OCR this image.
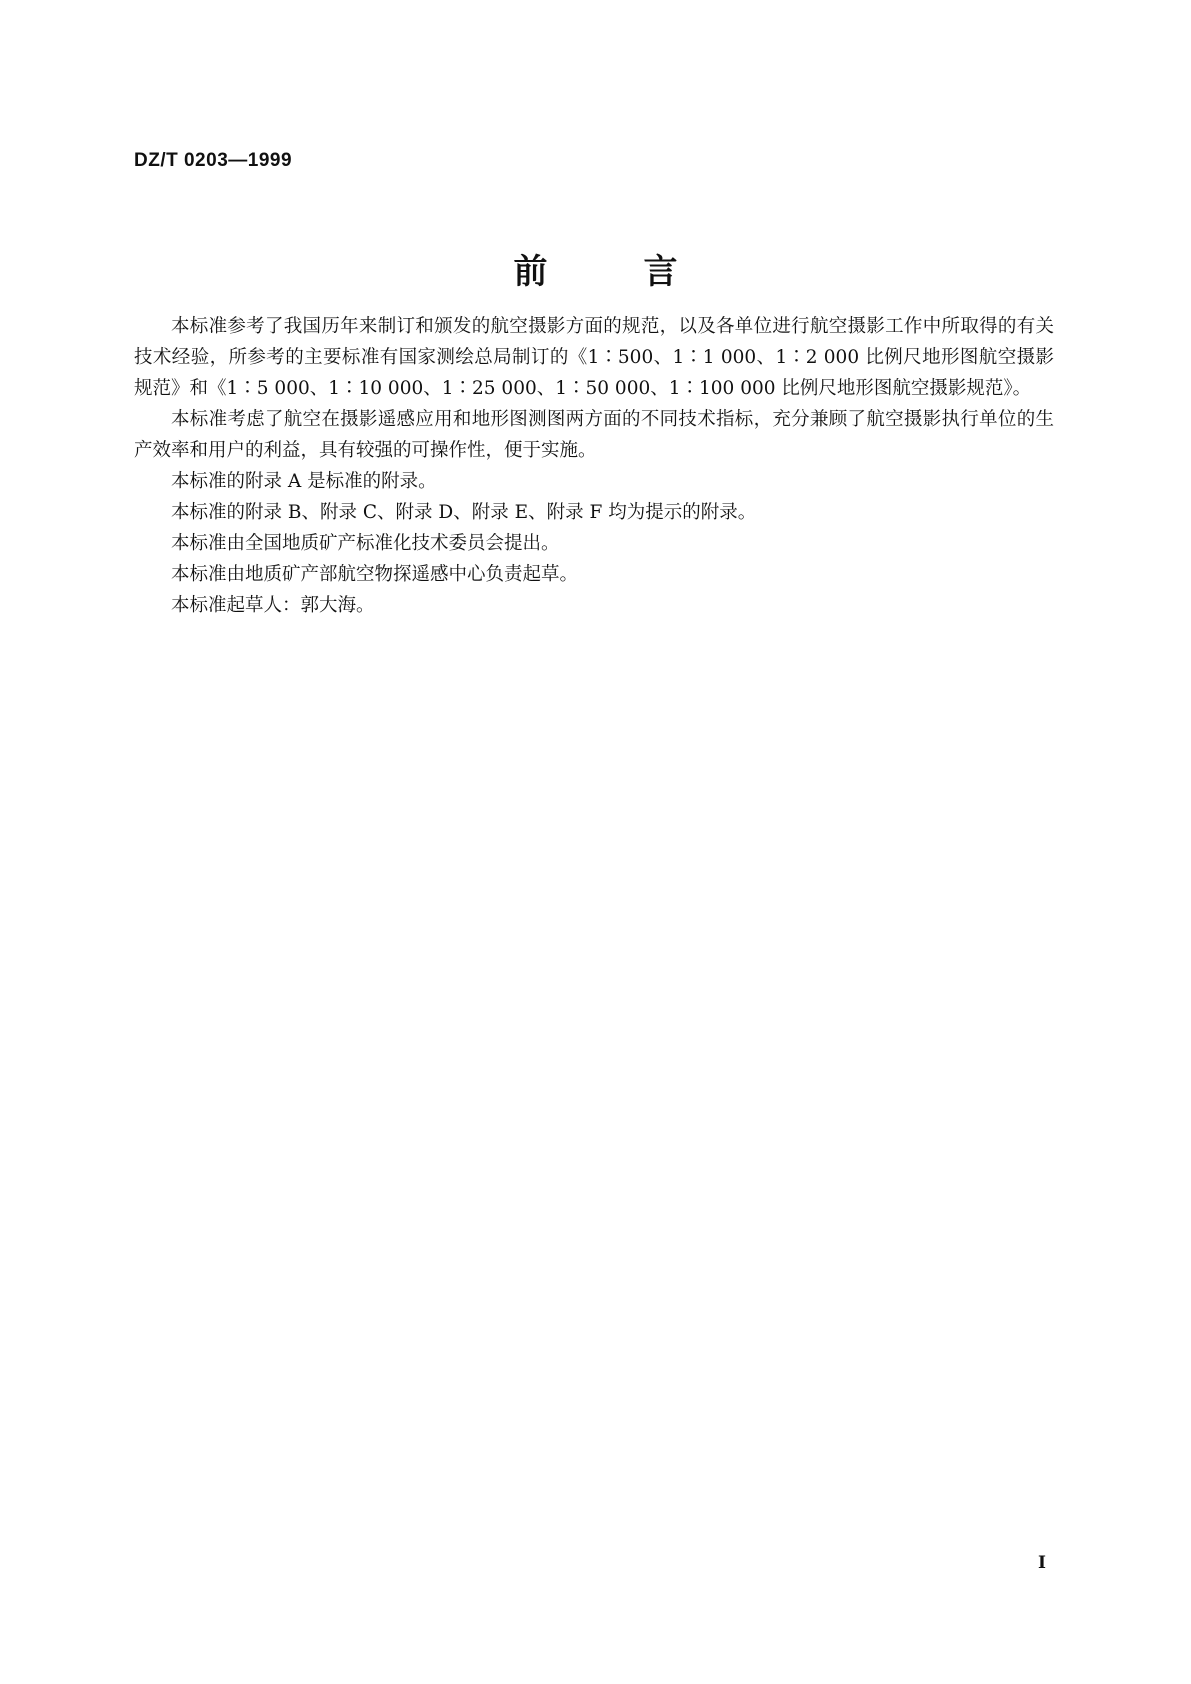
DZ/T 0203—1999
前	言

本标准参考了我国历年来制订和颁发的航空摄影方面的规范，以及各单位进行航空摄影工作中所取得的有关技术经验，所参考的主要标准有国家测绘总局制订的《1∶500、1∶1 000、1∶2 000 比例尺地形图航空摄影规范》和《1∶5 000、1∶10 000、1∶25 000、1∶50 000、1∶100 000 比例尺地形图航空摄影规范》。

本标准考虑了航空在摄影遥感应用和地形图测图两方面的不同技术指标，充分兼顾了航空摄影执行单位的生产效率和用户的利益，具有较强的可操作性，便于实施。

本标准的附录 A 是标准的附录。

本标准的附录 B、附录 C、附录 D、附录 E、附录 F 均为提示的附录。

本标准由全国地质矿产标准化技术委员会提出。

本标准由地质矿产部航空物探遥感中心负责起草。

本标准起草人：郭大海。

Ⅰ
